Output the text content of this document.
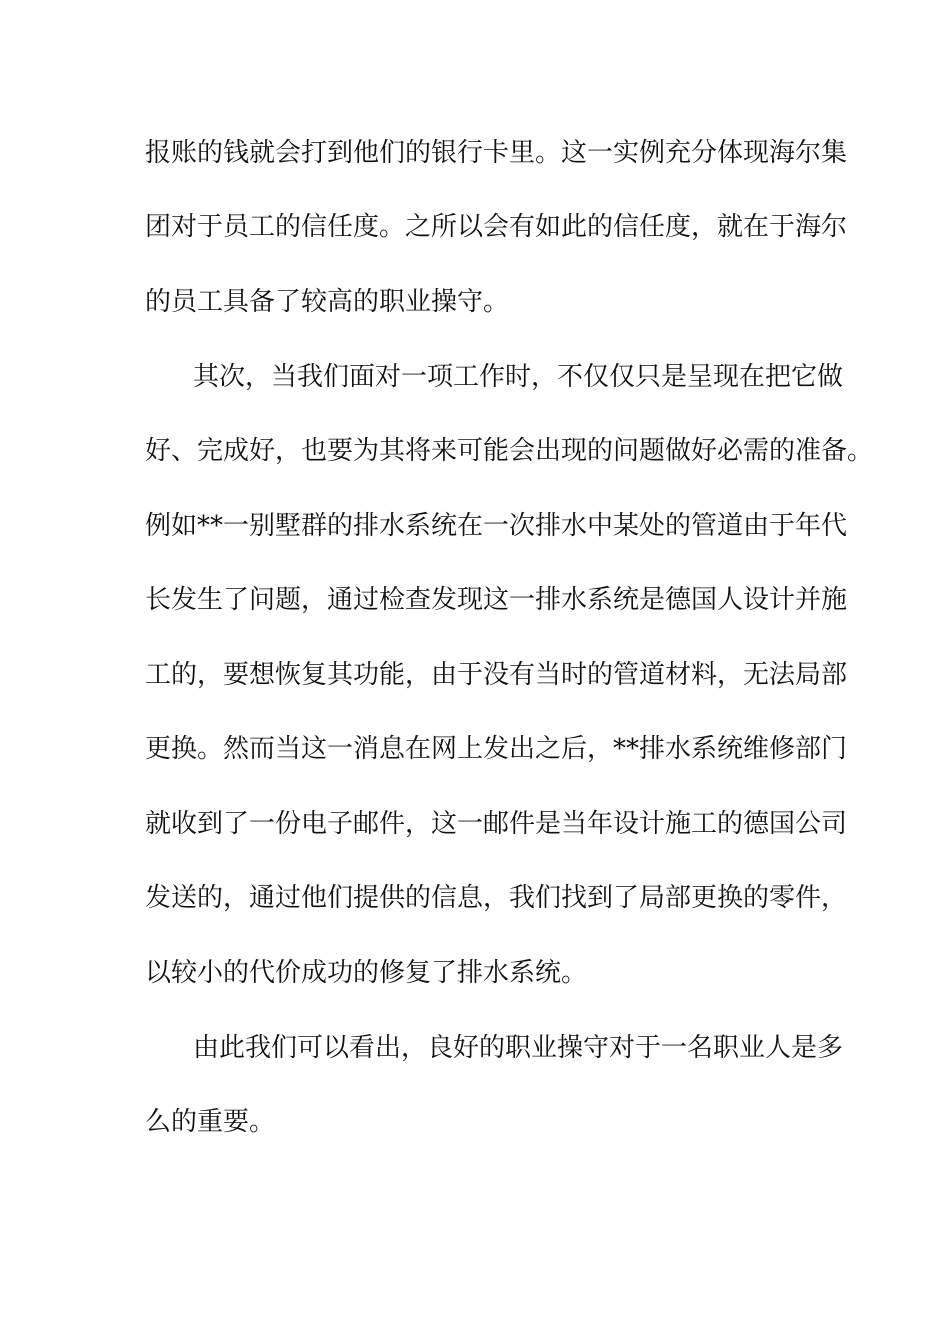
报账的钱就会打到他们的银行卡里。这一实例充分体现海尔集
团对于员工的信任度。之所以会有如此的信任度，就在于海尔
的员工具备了较高的职业操守。
其次，当我们面对一项工作时，不仅仅只是呈现在把它做
好、完成好，也要为其将来可能会出现的问题做好必需的准备。
例如**一别墅群的排水系统在一次排水中某处的管道由于年代
长发生了问题，通过检查发现这一排水系统是德国人设计并施
工的，要想恢复其功能，由于没有当时的管道材料，无法局部
更换。然而当这一消息在网上发出之后，**排水系统维修部门
就收到了一份电子邮件，这一邮件是当年设计施工的德国公司
发送的，通过他们提供的信息，我们找到了局部更换的零件，
以较小的代价成功的修复了排水系统。
由此我们可以看出，良好的职业操守对于一名职业人是多
么的重要。
